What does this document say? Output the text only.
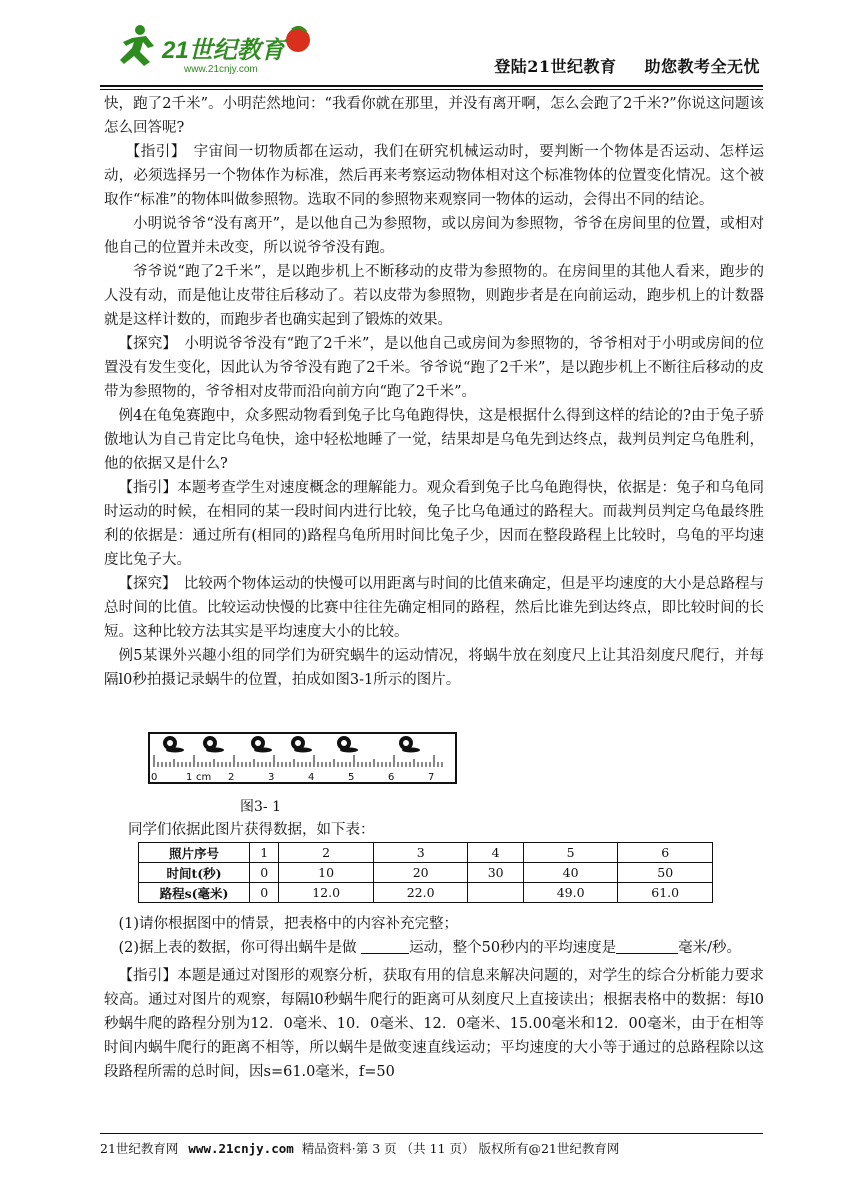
21世纪教育
www.21cnjy.com	登陆21世纪教育 助您教考全无忧

快，跑了2千米”。小明茫然地问：“我看你就在那里，并没有离开啊，怎么会跑了2千米?”你说这问题该怎么回答呢?

【指引】　宇宙间一切物质都在运动，我们在研究机械运动时，要判断一个物体是否运动、怎样运动，必须选择另一个物体作为标准，然后再来考察运动物体相对这个标准物体的位置变化情况。这个被取作“标准”的物体叫做参照物。选取不同的参照物来观察同一物体的运动，会得出不同的结论。

小明说爷爷“没有离开”，是以他自己为参照物，或以房间为参照物，爷爷在房间里的位置，或相对他自己的位置并未改变，所以说爷爷没有跑。

爷爷说“跑了2千米”，是以跑步机上不断移动的皮带为参照物的。在房间里的其他人看来，跑步的人没有动，而是他让皮带往后移动了。若以皮带为参照物，则跑步者是在向前运动，跑步机上的计数器就是这样计数的，而跑步者也确实起到了锻炼的效果。

【探究】　小明说爷爷没有“跑了2千米”，是以他自己或房间为参照物的，爷爷相对于小明或房间的位置没有发生变化，因此认为爷爷没有跑了2千米。爷爷说“跑了2千米”，是以跑步机上不断往后移动的皮带为参照物的，爷爷相对皮带而沿向前方向“跑了2千米”。

例4在龟兔赛跑中，众多熙动物看到兔子比乌龟跑得快，这是根据什么得到这样的结论的?由于兔子骄傲地认为自己肯定比乌龟快，途中轻松地睡了一觉，结果却是乌龟先到达终点，裁判员判定乌龟胜利，他的依据又是什么?

【指引】本题考查学生对速度概念的理解能力。观众看到兔子比乌龟跑得快，依据是：兔子和乌龟同时运动的时候，在相同的某一段时间内进行比较，兔子比乌龟通过的路程大。而裁判员判定乌龟最终胜利的依据是：通过所有(相同的)路程乌龟所用时间比兔子少，因而在整段路程上比较时，乌龟的平均速度比兔子大。

【探究】　比较两个物体运动的快慢可以用距离与时间的比值来确定，但是平均速度的大小是总路程与总时间的比值。比较运动快慢的比赛中往往先确定相同的路程，然后比谁先到达终点，即比较时间的长短。这种比较方法其实是平均速度大小的比较。

例5某课外兴趣小组的同学们为研究蜗牛的运动情况，将蜗牛放在刻度尺上让其沿刻度尺爬行，并每隔l0秒拍摄记录蜗牛的位置，拍成如图3-1所示的图片。

0	1 cm 2	3	4	5	6	7
图3- 1
同学们依据此图片获得数据，如下表：
照片序号	1	2	3	4	5	6
时间t(秒)	0	10	20	30	40	50
路程s(毫米)	0	12.0	22.0		49.0	61.0

(1)请你根据图中的情景，把表格中的内容补充完整；

(2)据上表的数据，你可得出蜗牛是做	运动，整个50秒内的平均速度是	毫米/秒。

【指引】本题是通过对图形的观察分析，获取有用的信息来解决问题的，对学生的综合分析能力要求较高。通过对图片的观察，每隔l0秒蜗牛爬行的距离可从刻度尺上直接读出；根据表格中的数据：每l0秒蜗牛爬的路程分别为12．0毫米、10．0毫米、12．0毫米、15.00毫米和12．00毫米，由于在相等时间内蜗牛爬行的距离不相等，所以蜗牛是做变速直线运动；平均速度的大小等于通过的总路程除以这段路程所需的总时间，因s=61.0毫米，f=50

21世纪教育网 www.21cnjy.com 精品资料·第 3 页 （共 11 页） 版权所有@21世纪教育网
